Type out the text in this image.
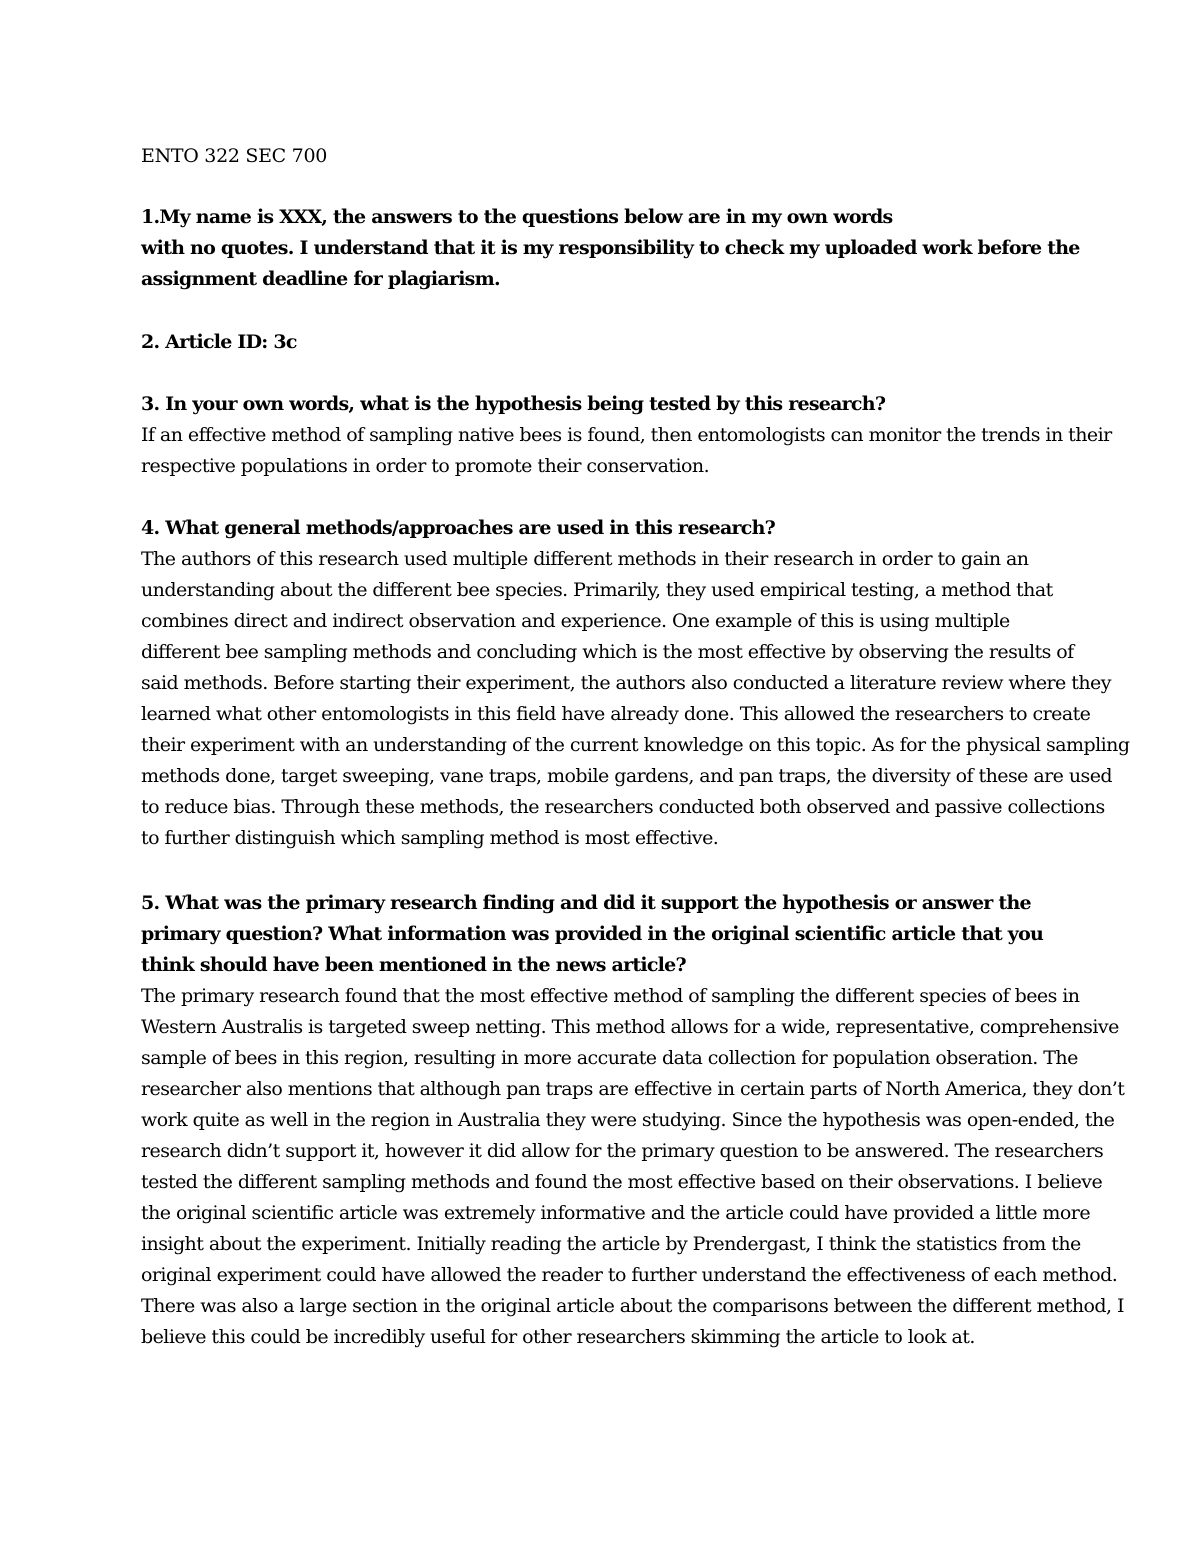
ENTO 322 SEC 700
1.My name is XXX, the answers to the questions below are in my own words
with no quotes. I understand that it is my responsibility to check my uploaded work before the
assignment deadline for plagiarism.
2. Article ID: 3c
3. In your own words, what is the hypothesis being tested by this research?
If an effective method of sampling native bees is found, then entomologists can monitor the trends in their
respective populations in order to promote their conservation.
4. What general methods/approaches are used in this research?
The authors of this research used multiple different methods in their research in order to gain an
understanding about the different bee species. Primarily, they used empirical testing, a method that
combines direct and indirect observation and experience. One example of this is using multiple
different bee sampling methods and concluding which is the most effective by observing the results of
said methods. Before starting their experiment, the authors also conducted a literature review where they
learned what other entomologists in this field have already done. This allowed the researchers to create
their experiment with an understanding of the current knowledge on this topic. As for the physical sampling
methods done, target sweeping, vane traps, mobile gardens, and pan traps, the diversity of these are used
to reduce bias. Through these methods, the researchers conducted both observed and passive collections
to further distinguish which sampling method is most effective.
5. What was the primary research finding and did it support the hypothesis or answer the
primary question? What information was provided in the original scientific article that you
think should have been mentioned in the news article?
The primary research found that the most effective method of sampling the different species of bees in
Western Australis is targeted sweep netting. This method allows for a wide, representative, comprehensive
sample of bees in this region, resulting in more accurate data collection for population obseration. The
researcher also mentions that although pan traps are effective in certain parts of North America, they don’t
work quite as well in the region in Australia they were studying. Since the hypothesis was open-ended, the
research didn’t support it, however it did allow for the primary question to be answered. The researchers
tested the different sampling methods and found the most effective based on their observations. I believe
the original scientific article was extremely informative and the article could have provided a little more
insight about the experiment. Initially reading the article by Prendergast, I think the statistics from the
original experiment could have allowed the reader to further understand the effectiveness of each method.
There was also a large section in the original article about the comparisons between the different method, I
believe this could be incredibly useful for other researchers skimming the article to look at.
